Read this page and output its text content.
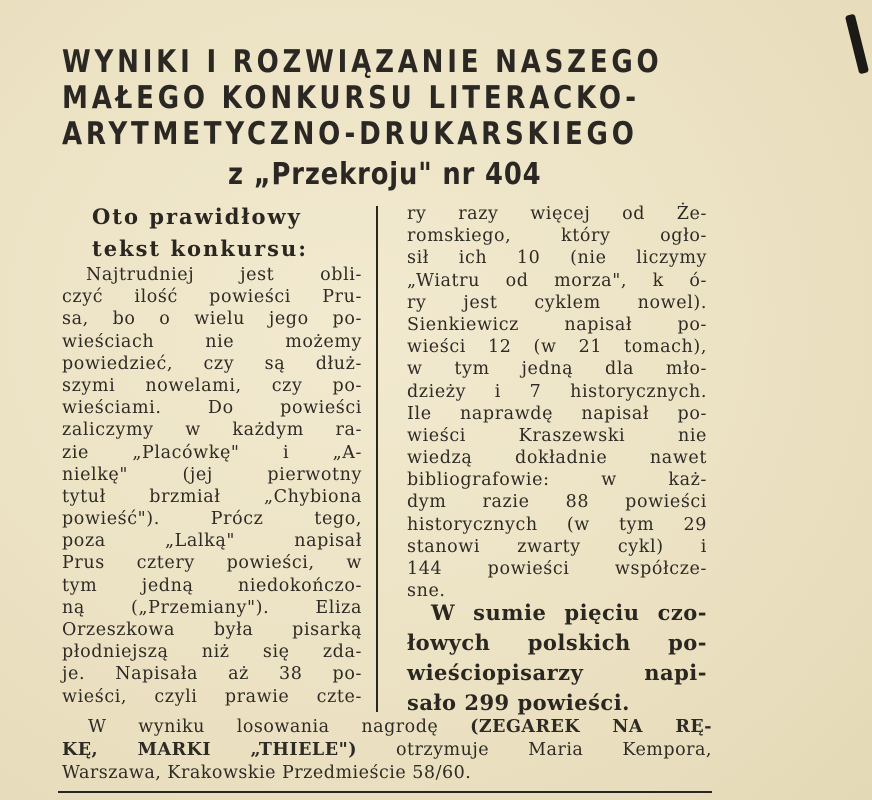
WYNIKI I ROZWIĄZANIE NASZEGO
MAŁEGO KONKURSU LITERACKO-
ARYTMETYCZNO-DRUKARSKIEGO
z „Przekroju" nr 404
Oto prawidłowy
tekst konkursu:
Najtrudniej jest obli-
czyć ilość powieści Pru-
sa, bo o wielu jego po-
wieściach nie możemy
powiedzieć, czy są dłuż-
szymi nowelami, czy po-
wieściami. Do powieści
zaliczymy w każdym ra-
zie „Placówkę" i „A-
nielkę" (jej pierwotny
tytuł brzmiał „Chybiona
powieść"). Prócz tego,
poza „Lalką" napisał
Prus cztery powieści, w
tym jedną niedokończo-
ną („Przemiany"). Eliza
Orzeszkowa była pisarką
płodniejszą niż się zda-
je. Napisała aż 38 po-
wieści, czyli prawie czte-
ry razy więcej od Że-
romskiego, który ogło-
sił ich 10 (nie liczymy
„Wiatru od morza", k ó-
ry jest cyklem nowel).
Sienkiewicz napisał po-
wieści 12 (w 21 tomach),
w tym jedną dla mło-
dzieży i 7 historycznych.
Ile naprawdę napisał po-
wieści Kraszewski nie
wiedzą dokładnie nawet
bibliografowie: w każ-
dym razie 88 powieści
historycznych (w tym 29
stanowi zwarty cykl) i
144 powieści współcze-
sne.
W sumie pięciu czo-
łowych polskich po-
wieściopisarzy napi-
sało 299 powieści.
W wyniku losowania nagrodę (ZEGAREK NA RĘ-
KĘ, MARKI „THIELE") otrzymuje Maria Kempora,
Warszawa, Krakowskie Przedmieście 58/60.
